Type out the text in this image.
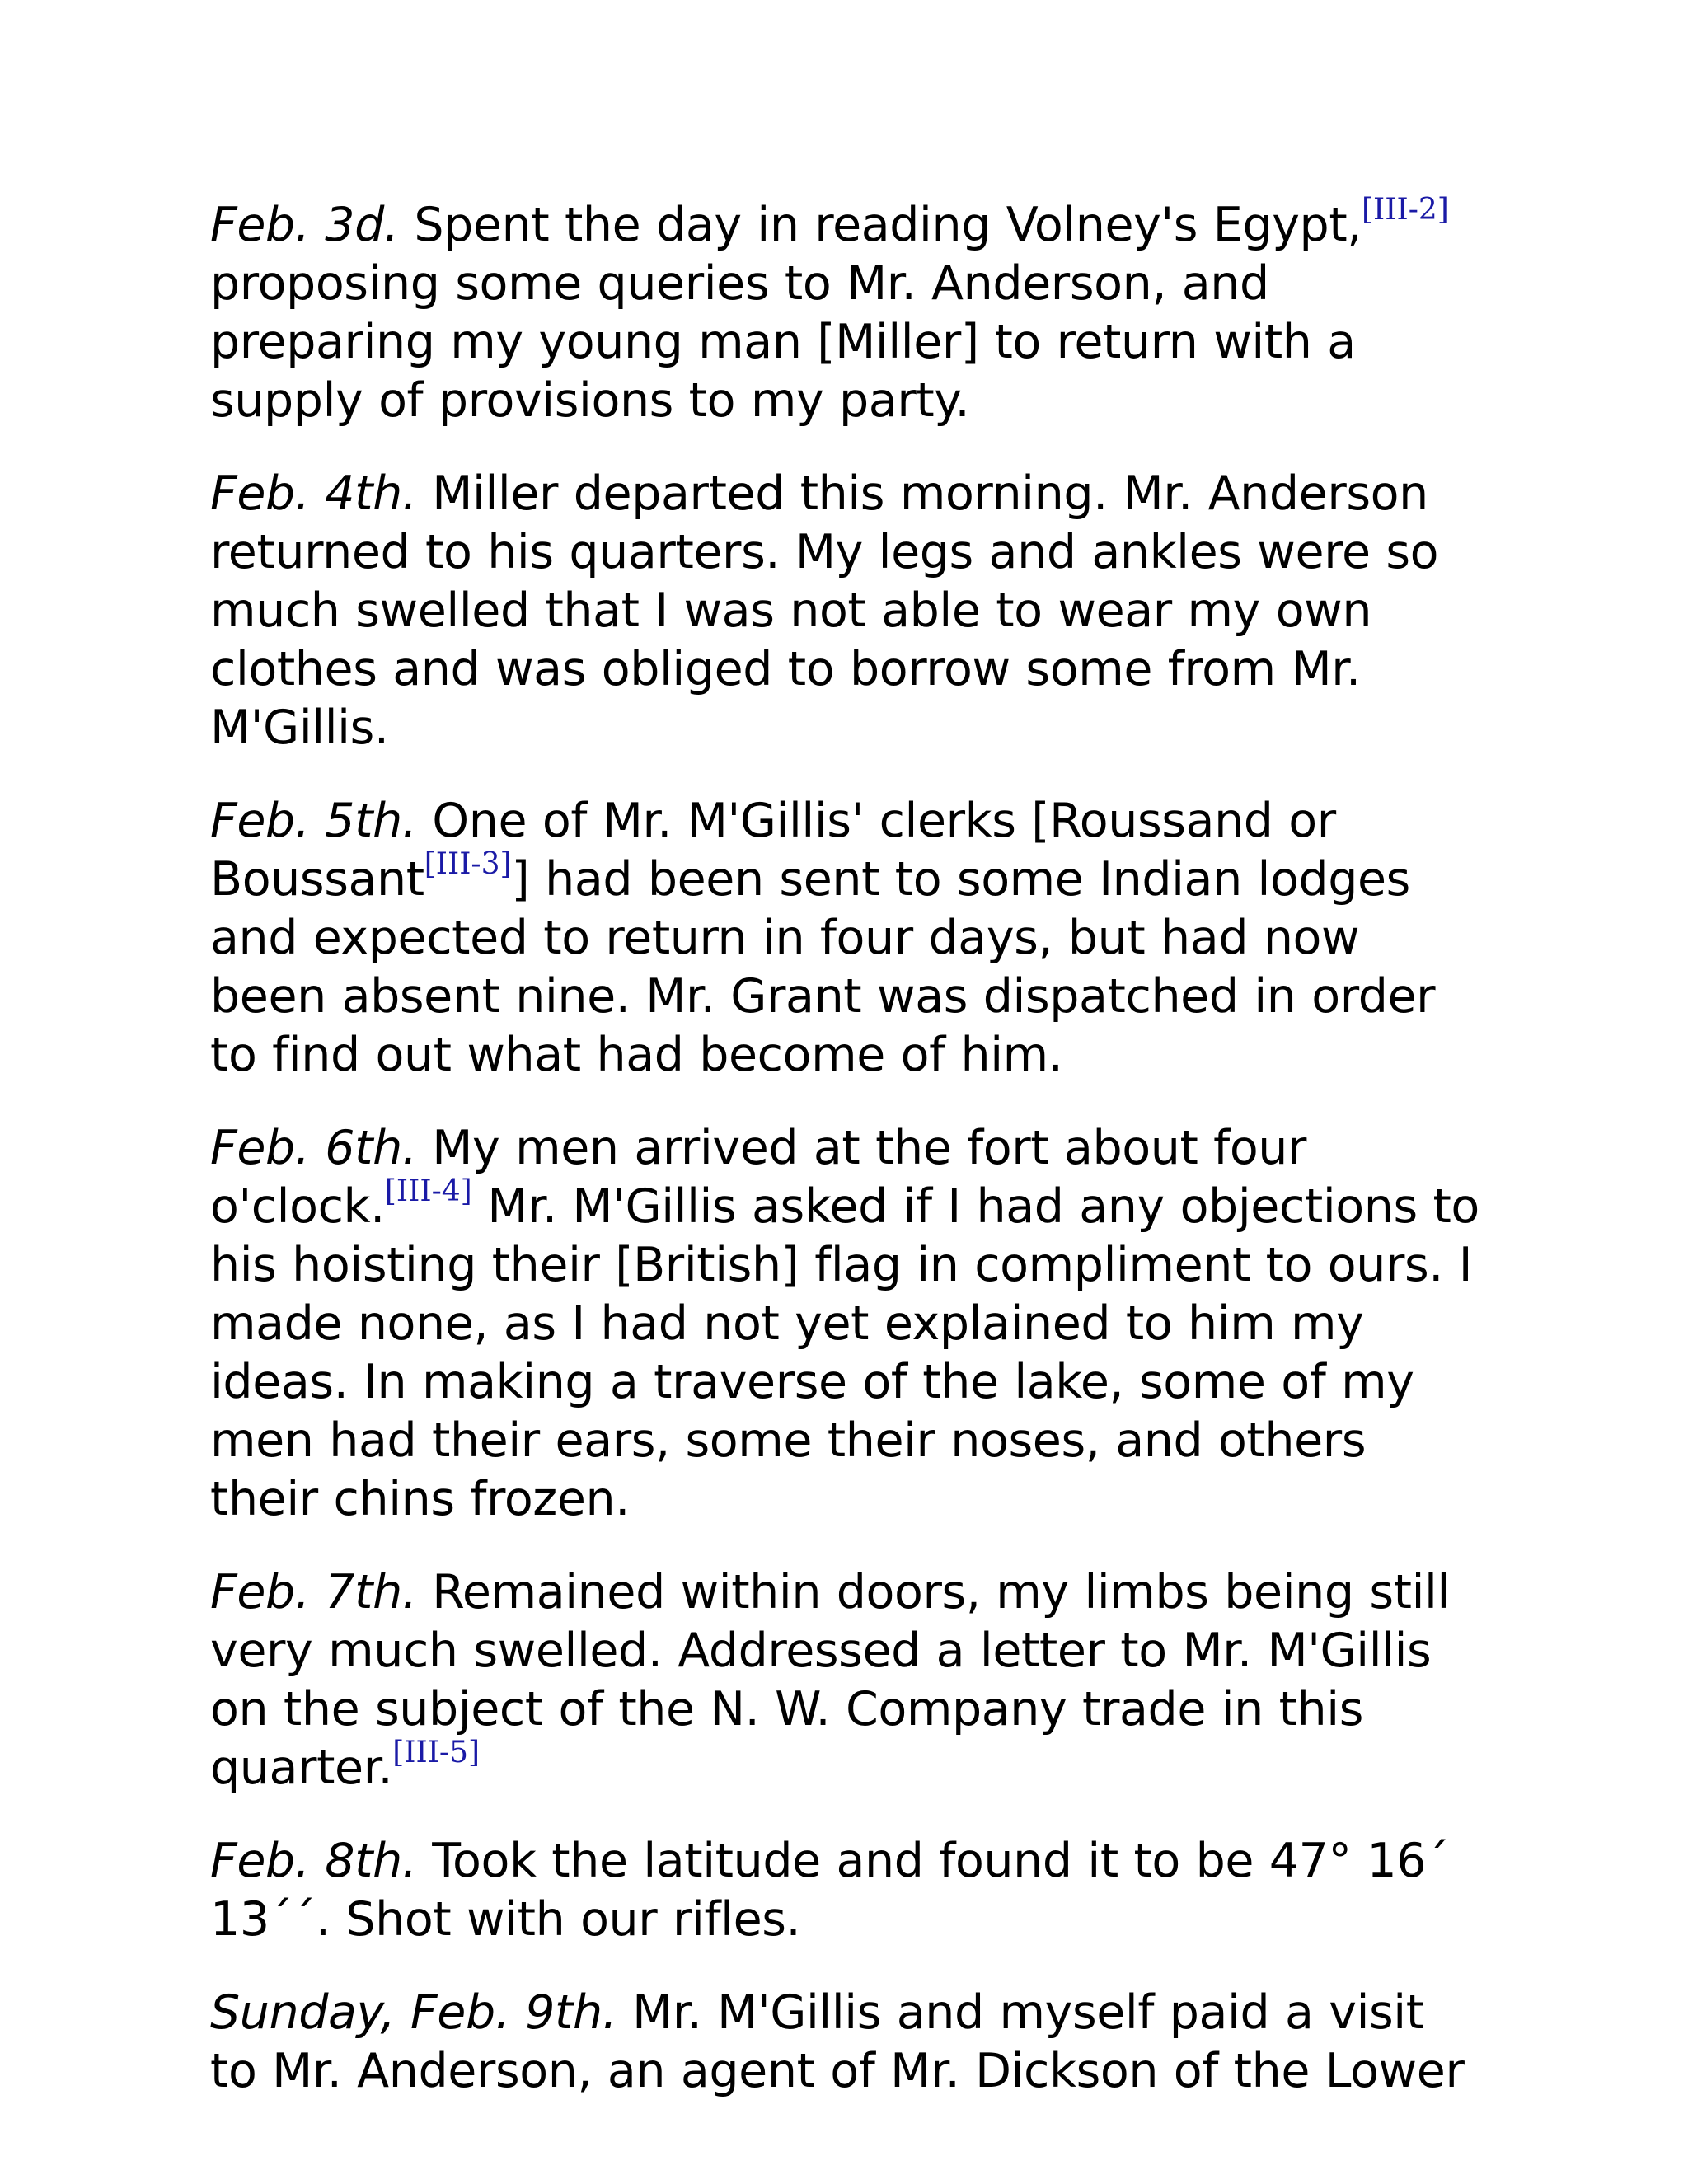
Feb. 3d. Spent the day in reading Volney's Egypt,[III-2] proposing some queries to Mr. Anderson, and preparing my young man [Miller] to return with a supply of provisions to my party.

Feb. 4th. Miller departed this morning. Mr. Anderson returned to his quarters. My legs and ankles were so much swelled that I was not able to wear my own clothes and was obliged to borrow some from Mr. M'Gillis.

Feb. 5th. One of Mr. M'Gillis' clerks [Roussand or Boussant[III-3]] had been sent to some Indian lodges and expected to return in four days, but had now been absent nine. Mr. Grant was dispatched in order to find out what had become of him.

Feb. 6th. My men arrived at the fort about four o'clock.[III-4] Mr. M'Gillis asked if I had any objections to his hoisting their [British] flag in compliment to ours. I made none, as I had not yet explained to him my ideas. In making a traverse of the lake, some of my men had their ears, some their noses, and others their chins frozen.

Feb. 7th. Remained within doors, my limbs being still very much swelled. Addressed a letter to Mr. M'Gillis on the subject of the N. W. Company trade in this quarter.[III-5]

Feb. 8th. Took the latitude and found it to be 47° 16´ 13´´. Shot with our rifles.

Sunday, Feb. 9th. Mr. M'Gillis and myself paid a visit to Mr. Anderson, an agent of Mr. Dickson of the Lower
